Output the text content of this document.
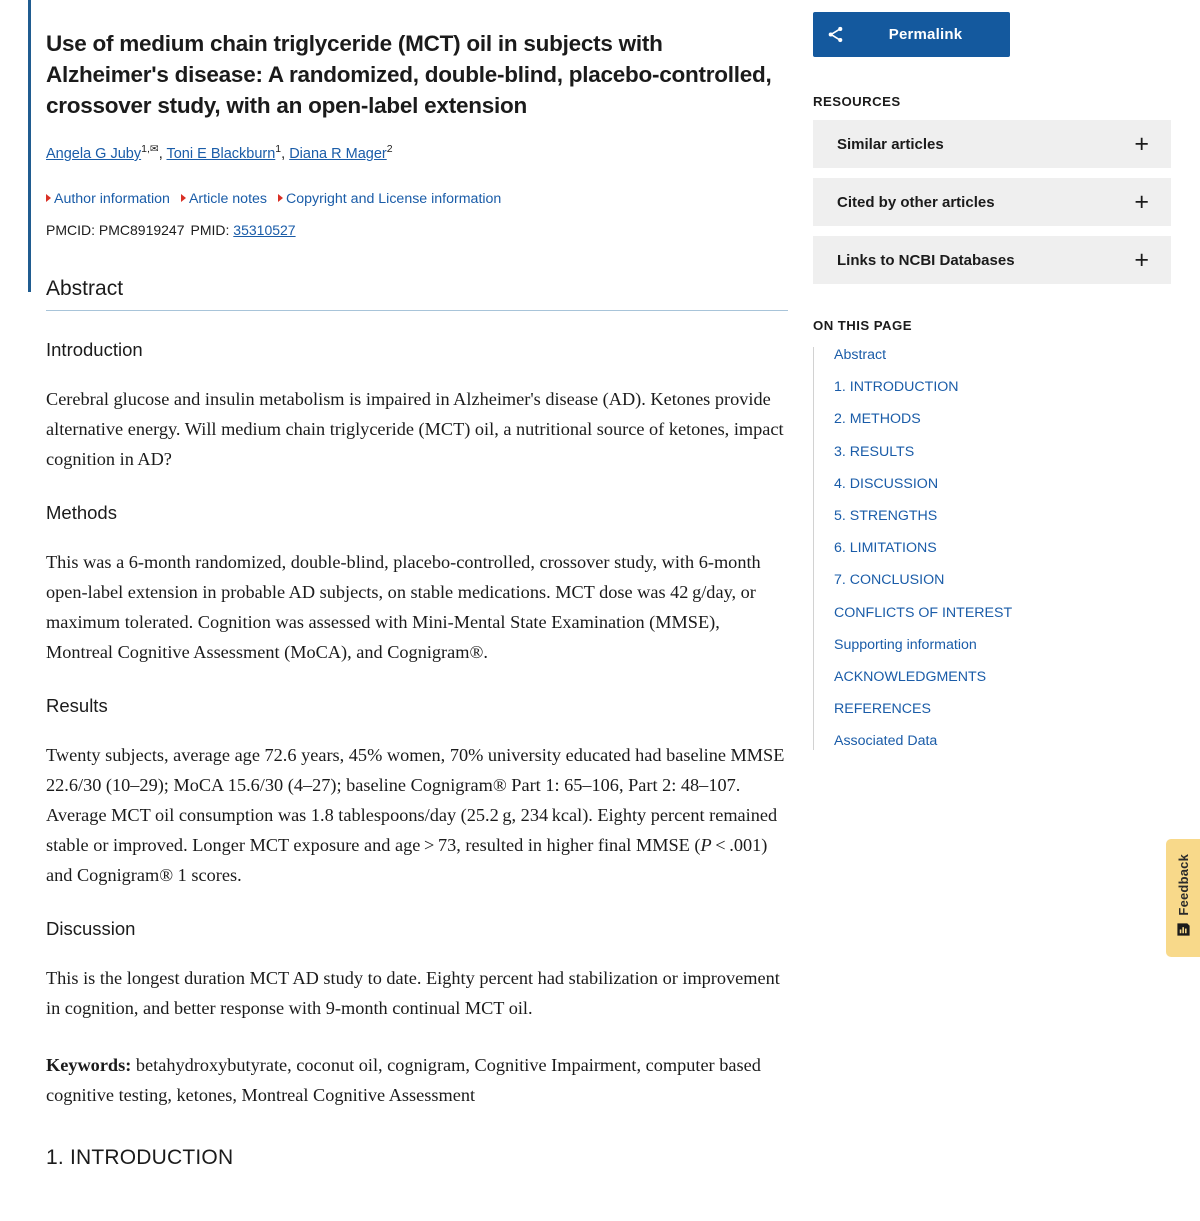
Use of medium chain triglyceride (MCT) oil in subjects with Alzheimer's disease: A randomized, double-blind, placebo-controlled, crossover study, with an open-label extension
Angela G Juby$^{1,✉}$, Toni E Blackburn$^1$, Diana R Mager$^2$
Author information Article notes Copyright and License information
PMCID: PMC8919247 PMID: 35310527
Abstract
Introduction

Cerebral glucose and insulin metabolism is impaired in Alzheimer's disease (AD). Ketones provide alternative energy. Will medium chain triglyceride (MCT) oil, a nutritional source of ketones, impact cognition in AD?

Methods

This was a 6-month randomized, double-blind, placebo-controlled, crossover study, with 6-month open-label extension in probable AD subjects, on stable medications. MCT dose was 42 g/day, or maximum tolerated. Cognition was assessed with Mini-Mental State Examination (MMSE), Montreal Cognitive Assessment (MoCA), and Cognigram®.

Results

Twenty subjects, average age 72.6 years, 45% women, 70% university educated had baseline MMSE 22.6/30 (10–29); MoCA 15.6/30 (4–27); baseline Cognigram® Part 1: 65–106, Part 2: 48–107. Average MCT oil consumption was 1.8 tablespoons/day (25.2 g, 234 kcal). Eighty percent remained stable or improved. Longer MCT exposure and age > 73, resulted in higher final MMSE (P < .001) and Cognigram® 1 scores.

Discussion

This is the longest duration MCT AD study to date. Eighty percent had stabilization or improvement in cognition, and better response with 9-month continual MCT oil.

Keywords: betahydroxybutyrate, coconut oil, cognigram, Cognitive Impairment, computer based cognitive testing, ketones, Montreal Cognitive Assessment

1. INTRODUCTION
Permalink
RESOURCES
Similar articles	+
Cited by other articles	+
Links to NCBI Databases	+
ON THIS PAGE
Abstract
1. INTRODUCTION
2. METHODS
3. RESULTS
4. DISCUSSION
5. STRENGTHS
6. LIMITATIONS
7. CONCLUSION
CONFLICTS OF INTEREST
Supporting information
ACKNOWLEDGMENTS
REFERENCES
Associated Data
Feedback
